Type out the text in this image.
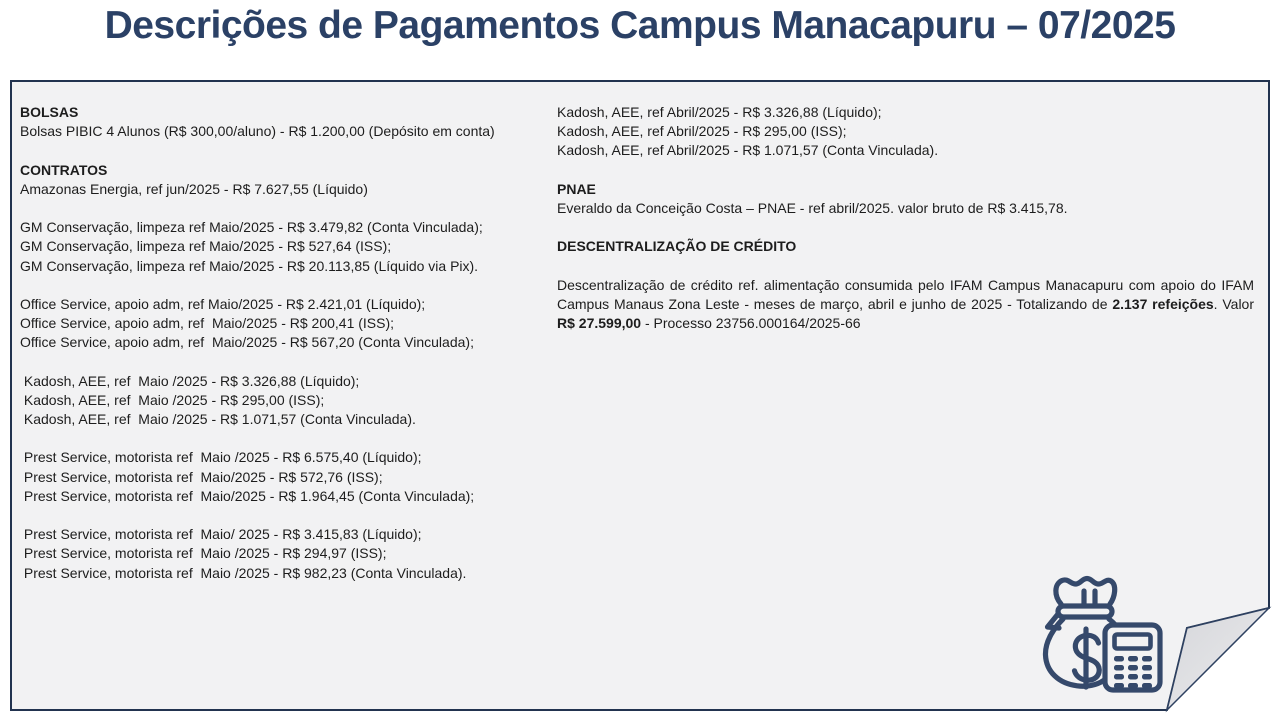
Descrições de Pagamentos Campus Manacapuru – 07/2025
BOLSAS
Bolsas PIBIC 4 Alunos (R$ 300,00/aluno) - R$ 1.200,00 (Depósito em conta)

CONTRATOS
Amazonas Energia, ref jun/2025 - R$ 7.627,55 (Líquido)

GM Conservação, limpeza ref Maio/2025 - R$ 3.479,82 (Conta Vinculada);
GM Conservação, limpeza ref Maio/2025 - R$ 527,64 (ISS);
GM Conservação, limpeza ref Maio/2025 - R$ 20.113,85 (Líquido via Pix).

Office Service, apoio adm, ref Maio/2025 - R$ 2.421,01 (Líquido);
Office Service, apoio adm, ref  Maio/2025 - R$ 200,41 (ISS);
Office Service, apoio adm, ref  Maio/2025 - R$ 567,20 (Conta Vinculada);

Kadosh, AEE, ref  Maio /2025 - R$ 3.326,88 (Líquido);
Kadosh, AEE, ref  Maio /2025 - R$ 295,00 (ISS);
Kadosh, AEE, ref  Maio /2025 - R$ 1.071,57 (Conta Vinculada).

Prest Service, motorista ref  Maio /2025 - R$ 6.575,40 (Líquido);
Prest Service, motorista ref  Maio/2025 - R$ 572,76 (ISS);
Prest Service, motorista ref  Maio/2025 - R$ 1.964,45 (Conta Vinculada);

Prest Service, motorista ref  Maio/ 2025 - R$ 3.415,83 (Líquido);
Prest Service, motorista ref  Maio /2025 - R$ 294,97 (ISS);
Prest Service, motorista ref  Maio /2025 - R$ 982,23 (Conta Vinculada).
Kadosh, AEE, ref Abril/2025 - R$ 3.326,88 (Líquido);
Kadosh, AEE, ref Abril/2025 - R$ 295,00 (ISS);
Kadosh, AEE, ref Abril/2025 - R$ 1.071,57 (Conta Vinculada).

PNAE
Everaldo da Conceição Costa – PNAE - ref abril/2025. valor bruto de R$ 3.415,78.

DESCENTRALIZAÇÃO DE CRÉDITO

Descentralização de crédito ref. alimentação consumida pelo IFAM Campus Manacapuru com apoio do IFAM Campus Manaus Zona Leste - meses de março, abril e junho de 2025 - Totalizando de 2.137 refeições. Valor R$ 27.599,00 - Processo 23756.000164/2025-66
